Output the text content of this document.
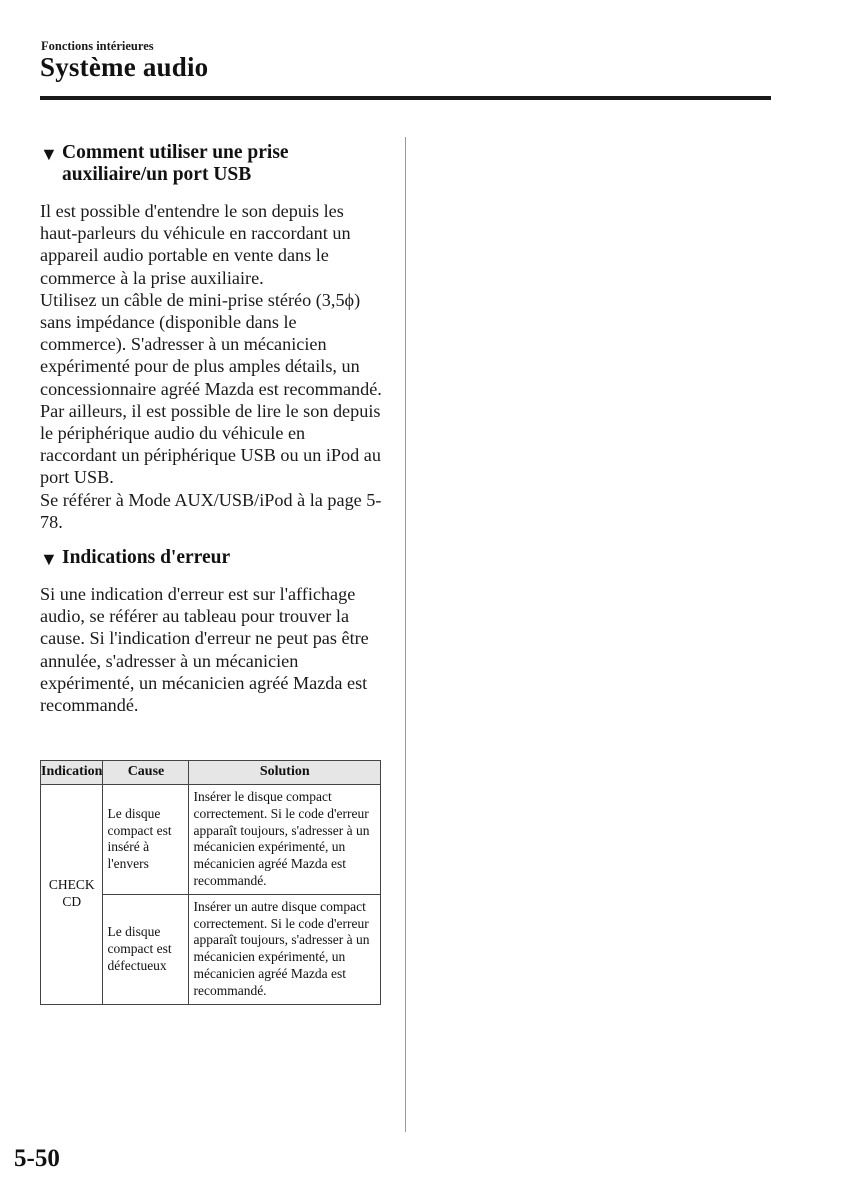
Fonctions intérieures
Système audio
▼ Comment utiliser une prise
auxiliaire/un port USB

Il est possible d'entendre le son depuis les haut-parleurs du véhicule en raccordant un appareil audio portable en vente dans le commerce à la prise auxiliaire.

Utilisez un câble de mini-prise stéréo (3,5ϕ) sans impédance (disponible dans le commerce). S'adresser à un mécanicien expérimenté pour de plus amples détails, un concessionnaire agréé Mazda est recommandé.

Par ailleurs, il est possible de lire le son depuis le périphérique audio du véhicule en raccordant un périphérique USB ou un iPod au port USB.

Se référer à Mode AUX/USB/iPod à la page 5-78.

▼ Indications d'erreur

Si une indication d'erreur est sur l'affichage audio, se référer au tableau pour trouver la cause. Si l'indication d'erreur ne peut pas être annulée, s'adresser à un mécanicien expérimenté, un mécanicien agréé Mazda est recommandé.

Indication	Cause	Solution
CHECK
CD	Le disque compact est inséré à l'envers	Insérer le disque compact correctement. Si le code d'erreur apparaît toujours, s'adresser à un mécanicien expérimenté, un mécanicien agréé Mazda est recommandé.
	Le disque compact est défectueux	Insérer un autre disque compact correctement. Si le code d'erreur apparaît toujours, s'adresser à un mécanicien expérimenté, un mécanicien agréé Mazda est recommandé.
5-50
